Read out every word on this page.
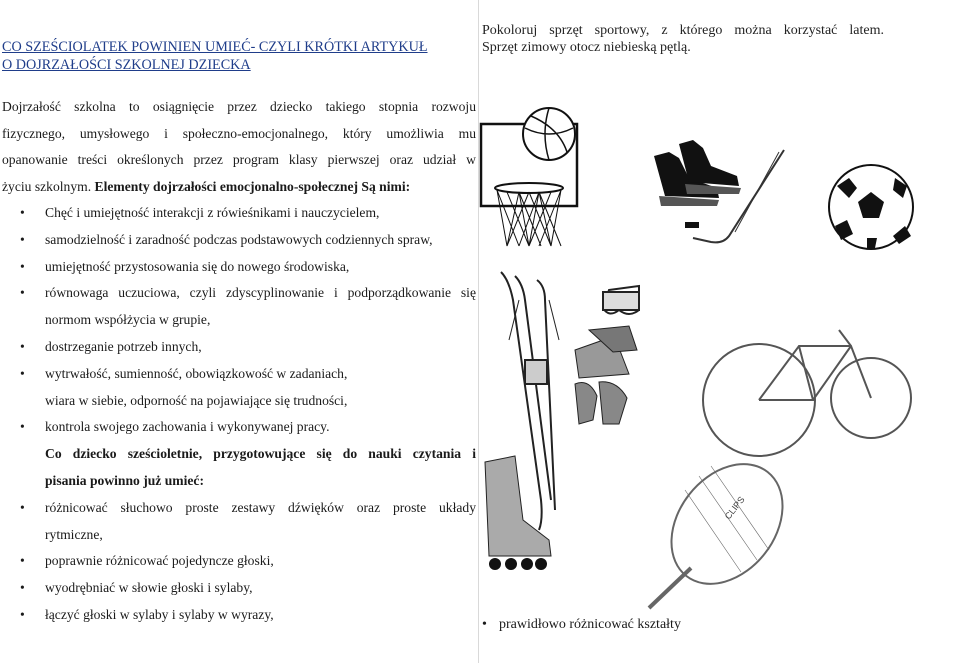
CO SZEŚCIOLATEK POWINIEN UMIEĆ- CZYLI KRÓTKI ARTYKUŁ
O DOJRZAŁOŚCI SZKOLNEJ DZIECKA
Dojrzałość szkolna to osiągnięcie przez dziecko takiego stopnia rozwoju
fizycznego, umysłowego i społeczno-emocjonalnego, który umożliwia mu
opanowanie treści określonych przez program klasy pierwszej oraz udział w
życiu szkolnym. Elementy dojrzałości emocjonalno-społecznej Są nimi:
• Chęć i umiejętność interakcji z rówieśnikami i nauczycielem,
• samodzielność i zaradność podczas podstawowych codziennych spraw,
• umiejętność przystosowania się do nowego środowiska,
• równowaga uczuciowa, czyli zdyscyplinowanie i podporządkowanie się
normom współżycia w grupie,
• dostrzeganie potrzeb innych,
• wytrwałość, sumienność, obowiązkowość w zadaniach,
wiara w siebie, odporność na pojawiające się trudności,
• kontrola swojego zachowania i wykonywanej pracy.
Co dziecko sześcioletnie, przygotowujące się do nauki czytania i
pisania powinno już umieć:
• różnicować słuchowo proste zestawy dźwięków oraz proste układy
rytmiczne,
• poprawnie różnicować pojedyncze głoski,
• wyodrębniać w słowie głoski i sylaby,
• łączyć głoski w sylaby i sylaby w wyrazy,
Pokoloruj sprzęt sportowy, z którego można korzystać latem.
Sprzęt zimowy otocz niebieską pętlą.
CLIPS
• prawidłowo różnicować kształty
